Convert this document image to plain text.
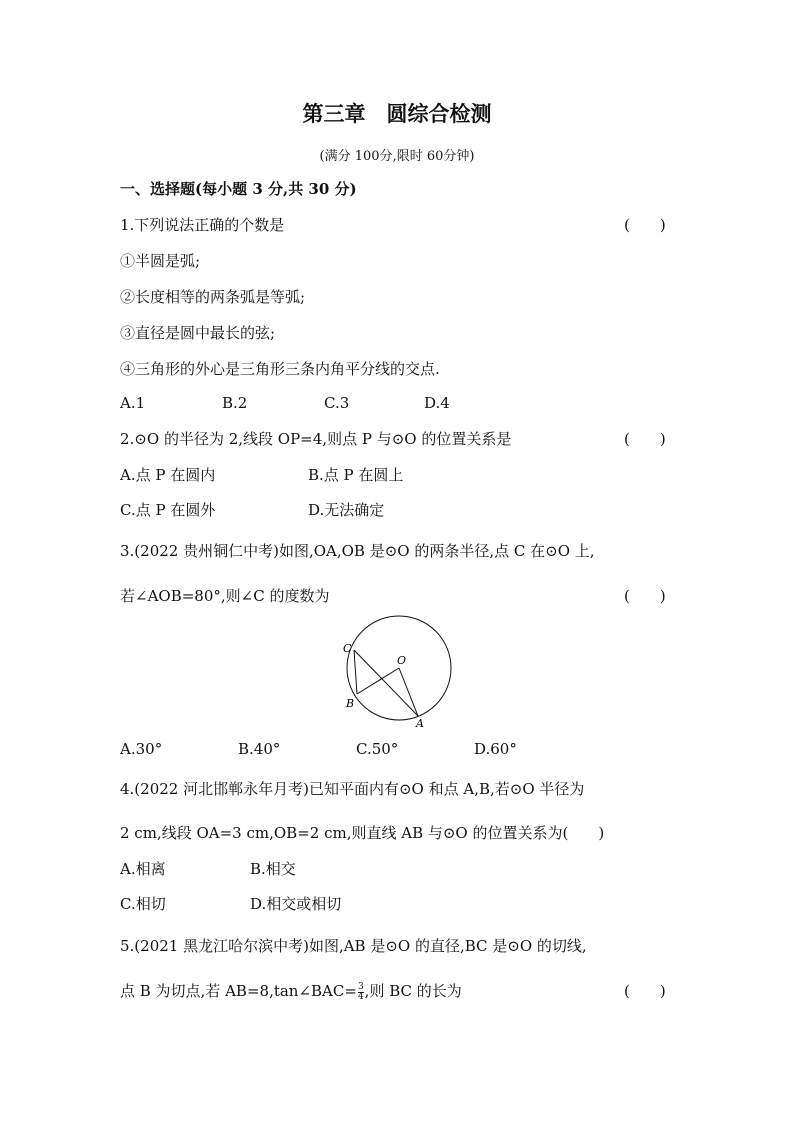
第三章　圆综合检测
(满分 100分,限时 60分钟)
一、选择题(每小题 3 分,共 30 分)
1.下列说法正确的个数是	(　　)
①半圆是弧;
②长度相等的两条弧是等弧;
③直径是圆中最长的弦;
④三角形的外心是三角形三条内角平分线的交点.
A.1	B.2	C.3	D.4
2.⊙O 的半径为 2,线段 OP=4,则点 P 与⊙O 的位置关系是	(　　)
A.点 P 在圆内	B.点 P 在圆上
C.点 P 在圆外	D.无法确定
3.(2022 贵州铜仁中考)如图,OA,OB 是⊙O 的两条半径,点 C 在⊙O 上,
若∠AOB=80°,则∠C 的度数为	(　　)
C
O
B
A
A.30°	B.40°	C.50°	D.60°
4.(2022 河北邯郸永年月考)已知平面内有⊙O 和点 A,B,若⊙O 半径为
2 cm,线段 OA=3 cm,OB=2 cm,则直线 AB 与⊙O 的位置关系为(　　)
A.相离	B.相交
C.相切	D.相交或相切
5.(2021 黑龙江哈尔滨中考)如图,AB 是⊙O 的直径,BC 是⊙O 的切线,
点 B 为切点,若 AB=8,tan∠BAC= $\frac{3}{4}$ ,则 BC 的长为	(　　)
